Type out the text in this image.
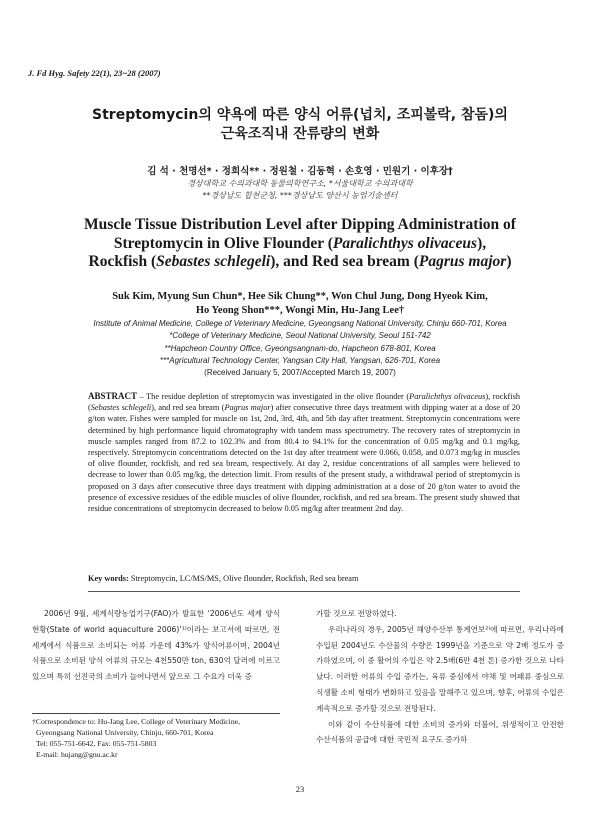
J. Fd Hyg. Safety 22(1), 23~28 (2007)
Streptomycin의 약욕에 따른 양식 어류(넙치, 조피볼락, 참돔)의
근육조직내 잔류량의 변화
김 석 · 천명선* · 정희식** · 정원철 · 김동혁 · 손호영 · 민원기 · 이후장†
경상대학교 수의과대학 동물의학연구소, *서울대학교 수의과대학
**경상남도 합천군청, ***경상남도 양산시 농업기술센터
Muscle Tissue Distribution Level after Dipping Administration of
Streptomycin in Olive Flounder (Paralichthys olivaceus),
Rockfish (Sebastes schlegeli), and Red sea bream (Pagrus major)
Suk Kim, Myung Sun Chun*, Hee Sik Chung**, Won Chul Jung, Dong Hyeok Kim,
Ho Yeong Shon***, Wongi Min, Hu-Jang Lee†
Institute of Animal Medicine, College of Veterinary Medicine, Gyeongsang National University, Chinju 660-701, Korea
*College of Veterinary Medicine, Seoul National University, Seoul 151-742
**Hapcheon Country Office, Gyeongsangnam-do, Hapcheon 678-801, Korea
***Agricultural Technology Center, Yangsan City Hall, Yangsan, 626-701, Korea
(Received January 5, 2007/Accepted March 19, 2007)
ABSTRACT – The residue depletion of streptomycin was investigated in the olive flounder (Paralichthys olivaceus), rockfish (Sebastes schlegeli), and red sea bream (Pagrus major) after consecutive three days treatment with dipping water at a dose of 20 g/ton water. Fishes were sampled for muscle on 1st, 2nd, 3rd, 4th, and 5th day after treatment. Streptomycin concentrations were determined by high performance liquid chromatography with tandem mass spectrometry. The recovery rates of streptomycin in muscle samples ranged from 87.2 to 102.3% and from 80.4 to 94.1% for the concentration of 0.05 mg/kg and 0.1 mg/kg, respectively. Streptomycin concentrations detected on the 1st day after treatment were 0.066, 0.058, and 0.073 mg/kg in muscles of olive flounder, rockfish, and red sea bream, respectively. At day 2, residue concentrations of all samples were believed to decrease to lower than 0.05 mg/kg, the detection limit. From results of the present study, a withdrawal period of streptomycin is proposed on 3 days after consecutive three days treatment with dipping administration at a dose of 20 g/ton water to avoid the presence of excessive residues of the edible muscles of olive flounder, rockfish, and red sea bream. The present study showed that residue concentrations of streptomycin decreased to below 0.05 mg/kg after treatment 2nd day.
Key words: Streptomycin, LC/MS/MS, Olive flounder, Rockfish, Red sea bream

2006년 9월, 세계식량농업기구(FAO)가 발표한 ‘2006년도 세계 양식 현황(State of world aquaculture 2006)’¹⁾이라는 보고서에 따르면, 전 세계에서 식품으로 소비되는 어류 가운데 43%가 양식어류이며, 2004년 식품으로 소비된 양식 어류의 규모는 4천550만 ton, 630억 달러에 이르고 있으며 특히 선진국의 소비가 늘어나면서 앞으로 그 수요가 더욱 증

가할 것으로 전망하였다.

우리나라의 경우, 2005년 해양수산부 통계연보²⁾에 따르면, 우리나라에 수입된 2004년도 수산물의 수량은 1999년을 기준으로 약 2배 정도가 증가하였으며, 이 중 활어의 수입은 약 2.5배(6만 4천 톤) 증가한 것으로 나타났다. 이러한 어류의 수입 증가는, 육류 중심에서 야채 및 어패류 중심으로 식생활 소비 형태가 변화하고 있음을 말해주고 있으며, 향후, 어류의 수입은 계속적으로 증가할 것으로 전망된다.

이와 같이 수산식품에 대한 소비의 증가와 더불어, 위생적이고 안전한 수산식품의 공급에 대한 국민적 요구도 증가하

†Correspondence to: Hu-Jang Lee, College of Veterinary Medicine,
Gyeongsang National University, Chinju, 660-701, Korea
Tel: 055-751-6642, Fax: 055-751-5803
E-mail: hujang@gnu.ac.kr
23
